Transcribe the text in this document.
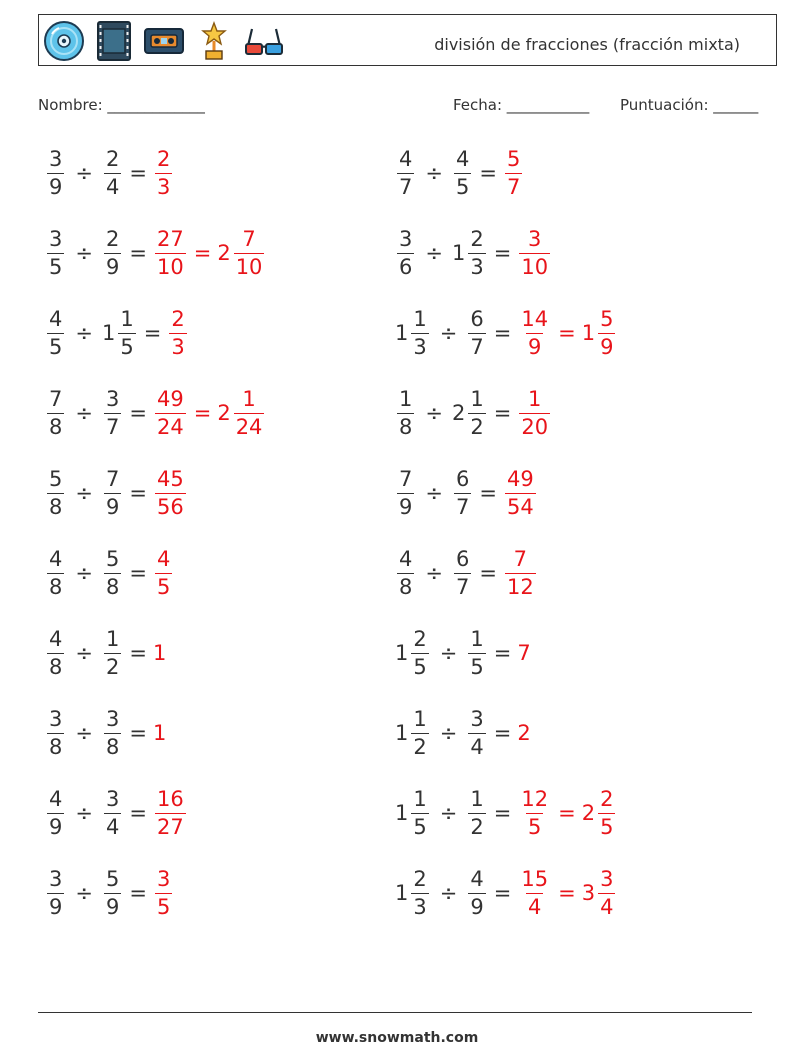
división de fracciones (fracción mixta)
Nombre: _____________	Fecha: ___________ Puntuación: ______
$\frac{3}{9} \div \frac{2}{4} = \frac{2}{3}$	$\frac{4}{7} \div \frac{4}{5} = \frac{5}{7}$
$\frac{3}{5} \div \frac{2}{9} = \frac{27}{10} = 2 \frac{7}{10}$	$\frac{3}{6} \div 1 \frac{2}{3} = \frac{3}{10}$
$\frac{4}{5} \div 1 \frac{1}{5} = \frac{2}{3}$	$1 \frac{1}{3} \div \frac{6}{7} = \frac{14}{9} = 1 \frac{5}{9}$
$\frac{7}{8} \div \frac{3}{7} = \frac{49}{24} = 2 \frac{1}{24}$	$\frac{1}{8} \div 2 \frac{1}{2} = \frac{1}{20}$
$\frac{5}{8} \div \frac{7}{9} = \frac{45}{56}$	$\frac{7}{9} \div \frac{6}{7} = \frac{49}{54}$
$\frac{4}{8} \div \frac{5}{8} = \frac{4}{5}$	$\frac{4}{8} \div \frac{6}{7} = \frac{7}{12}$
$\frac{4}{8} \div \frac{1}{2} = 1$	$1 \frac{2}{5} \div \frac{1}{5} = 7$
$\frac{3}{8} \div \frac{3}{8} = 1$	$1 \frac{1}{2} \div \frac{3}{4} = 2$
$\frac{4}{9} \div \frac{3}{4} = \frac{16}{27}$	$1 \frac{1}{5} \div \frac{1}{2} = \frac{12}{5} = 2 \frac{2}{5}$
$\frac{3}{9} \div \frac{5}{9} = \frac{3}{5}$	$1 \frac{2}{3} \div \frac{4}{9} = \frac{15}{4} = 3 \frac{3}{4}$
www.snowmath.com
